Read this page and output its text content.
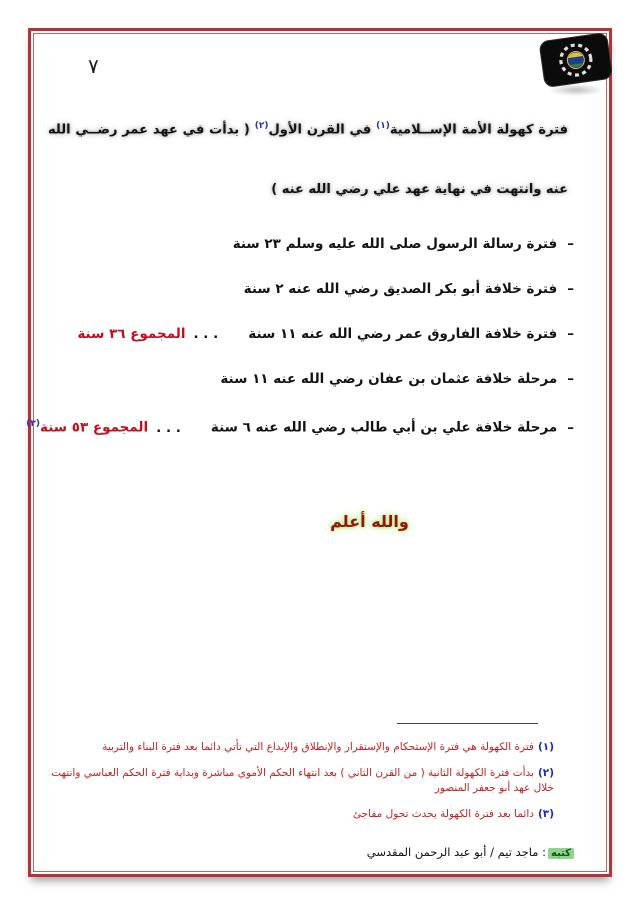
٧
فترة كهولة الأمة الإســلامية$^{(١)}$ في القرن الأول$^{(٢)}$ ( بدأت في عهد عمر رضــي الله عنه وانتهت في نهاية عهد علي رضي الله عنه )
–فترة رسالة الرسول صلى الله عليه وسلم ٢٣ سنة
–فترة خلافة أبو بكر الصديق رضي الله عنه ٢ سنة
–فترة خلافة الفاروق عمر رضي الله عنه ١١ سنة. . .المجموع ٣٦ سنة
–مرحلة خلافة عثمان بن عفان رضي الله عنه ١١ سنة
–مرحلة خلافة علي بن أبي طالب رضي الله عنه ٦ سنة. . .المجموع ٥٣ سنة$^{(٣)}$
والله أعلم
(١)فترة الكهولة هي فترة الإستحكام والإستقرار والإنطلاق والإبداع التي تأتي دائما بعد فترة البناء والتربية
(٢)بدأت فترة الكهولة الثانية ( من القرن الثاني ) بعد انتهاء الحكم الأموي مباشرة وبداية فترة الحكم العباسي وانتهت خلال عهد أبو جعفر المنصور
(٣)دائما بعد فترة الكهولة يحدث تحول مفاجئ
كتبه: ماجد تيم / أبو عبد الرحمن المقدسي
